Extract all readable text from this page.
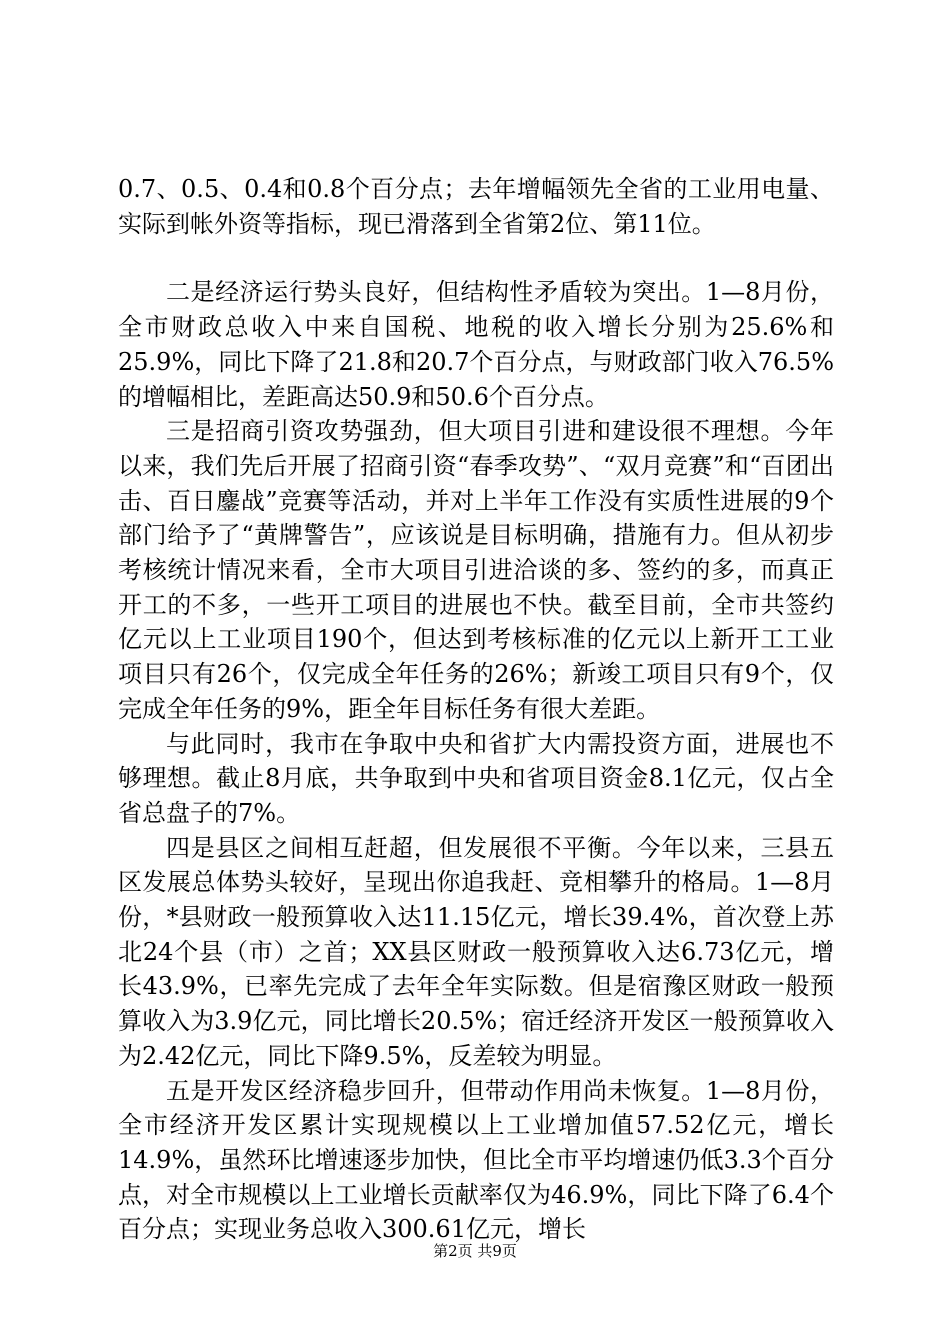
0.7、0.5、0.4和0.8个百分点；去年增幅领先全省的工业用电量、实际到帐外资等指标，现已滑落到全省第2位、第11位。

二是经济运行势头良好，但结构性矛盾较为突出。1—8月份，全市财政总收入中来自国税、地税的收入增长分别为25.6%和25.9%，同比下降了21.8和20.7个百分点，与财政部门收入76.5%的增幅相比，差距高达50.9和50.6个百分点。

三是招商引资攻势强劲，但大项目引进和建设很不理想。今年以来，我们先后开展了招商引资“春季攻势”、“双月竞赛”和“百团出击、百日鏖战”竞赛等活动，并对上半年工作没有实质性进展的9个部门给予了“黄牌警告”，应该说是目标明确，措施有力。但从初步考核统计情况来看，全市大项目引进洽谈的多、签约的多，而真正开工的不多，一些开工项目的进展也不快。截至目前，全市共签约亿元以上工业项目190个，但达到考核标准的亿元以上新开工工业项目只有26个，仅完成全年任务的26%；新竣工项目只有9个，仅完成全年任务的9%，距全年目标任务有很大差距。

与此同时，我市在争取中央和省扩大内需投资方面，进展也不够理想。截止8月底，共争取到中央和省项目资金8.1亿元，仅占全省总盘子的7%。

四是县区之间相互赶超，但发展很不平衡。今年以来，三县五区发展总体势头较好，呈现出你追我赶、竞相攀升的格局。1—8月份，*县财政一般预算收入达11.15亿元，增长39.4%，首次登上苏北24个县（市）之首；XX县区财政一般预算收入达6.73亿元，增长43.9%，已率先完成了去年全年实际数。但是宿豫区财政一般预算收入为3.9亿元，同比增长20.5%；宿迁经济开发区一般预算收入为2.42亿元，同比下降9.5%，反差较为明显。

五是开发区经济稳步回升，但带动作用尚未恢复。1—8月份，全市经济开发区累计实现规模以上工业增加值57.52亿元，增长14.9%，虽然环比增速逐步加快，但比全市平均增速仍低3.3个百分点，对全市规模以上工业增长贡献率仅为46.9%，同比下降了6.4个百分点；实现业务总收入300.61亿元，增长

第2页 共9页
